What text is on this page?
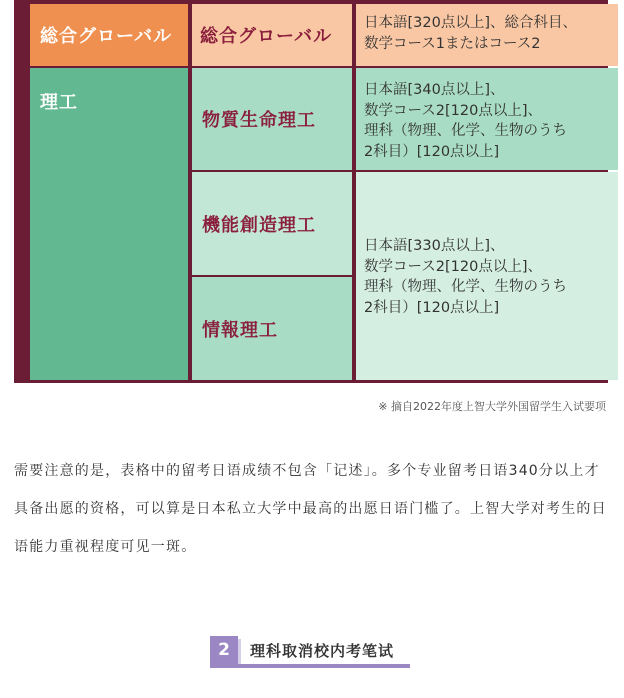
総合グローバル	総合グローバル
日本語[320点以上]、総合科目、
数学コース1またはコース2
理工
物質生命理工
機能創造理工
情報理工
日本語[340点以上]、
数学コース2[120点以上]、
理科（物理、化学、生物のうち
2科目）[120点以上]
日本語[330点以上]、
数学コース2[120点以上]、
理科（物理、化学、生物のうち
2科目）[120点以上]
※ 摘自2022年度上智大学外国留学生入试要项
需要注意的是，表格中的留考日语成绩不包含「记述」。多个专业留考日语340分以上才具备出愿的资格，可以算是日本私立大学中最高的出愿日语门槛了。上智大学对考生的日语能力重视程度可见一斑。
2	理科取消校内考笔试
